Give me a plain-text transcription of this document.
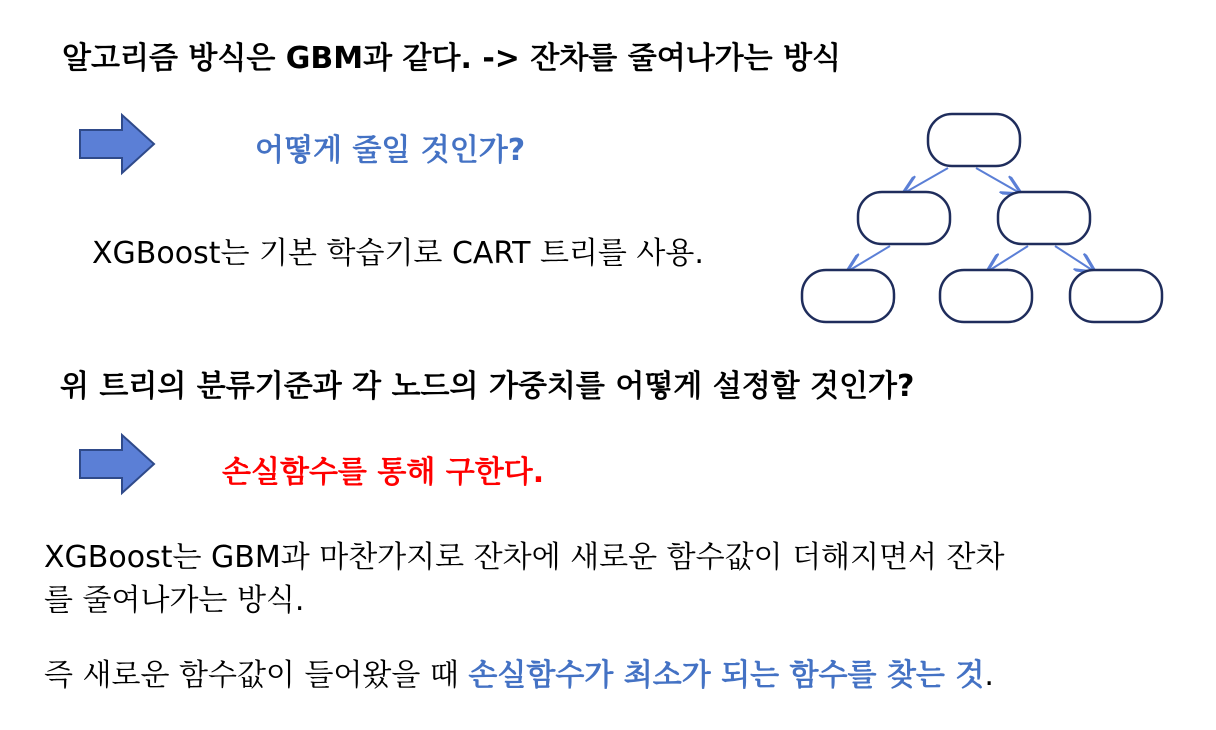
알고리즘 방식은 GBM과 같다. -> 잔차를 줄여나가는 방식
어떻게 줄일 것인가?
XGBoost는 기본 학습기로 CART 트리를 사용.
위 트리의 분류기준과 각 노드의 가중치를 어떻게 설정할 것인가?
손실함수를 통해 구한다.
XGBoost는 GBM과 마찬가지로 잔차에 새로운 함수값이 더해지면서 잔차
를 줄여나가는 방식.
즉 새로운 함수값이 들어왔을 때 손실함수가 최소가 되는 함수를 찾는 것.
